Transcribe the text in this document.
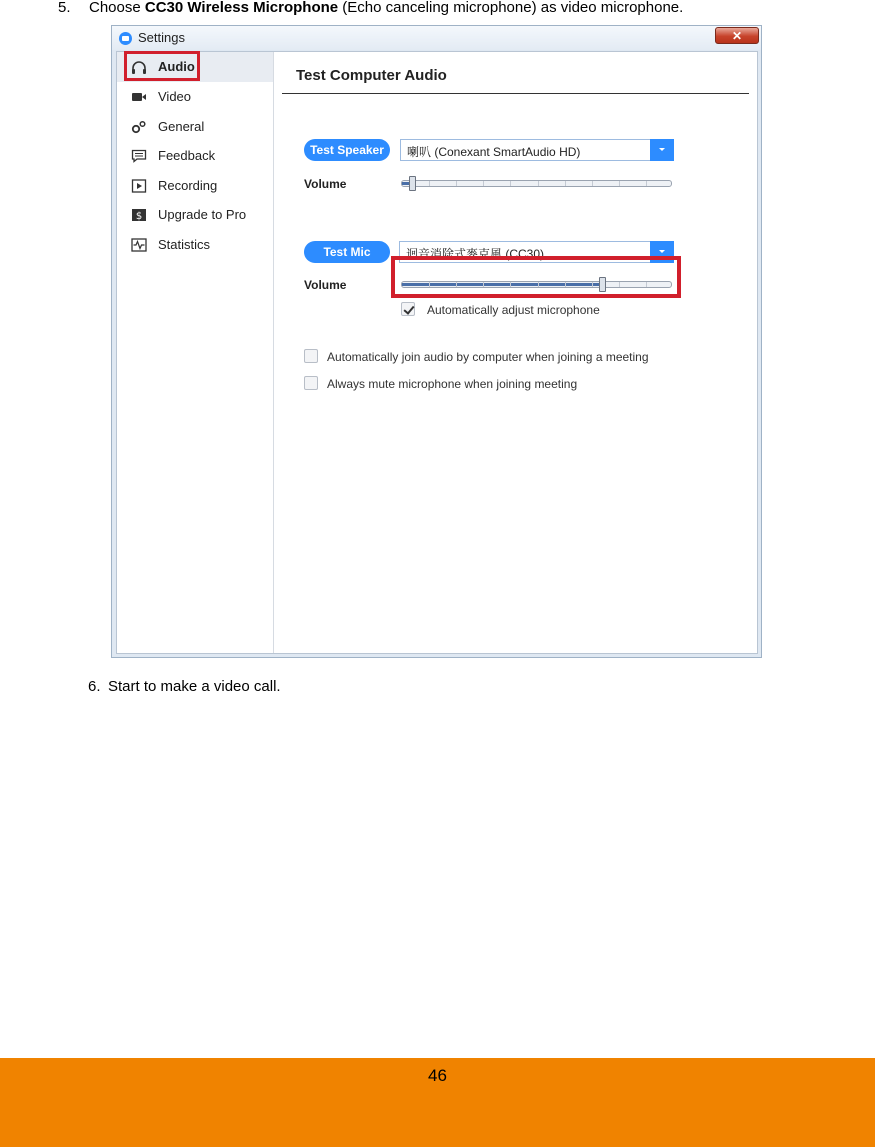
5. Choose CC30 Wireless Microphone (Echo canceling microphone) as video microphone.
Settings	✕
Audio
Video
General
Feedback
Recording
$ Upgrade to Pro
Statistics
Test Computer Audio
Test Speaker	喇叭 (Conexant SmartAudio HD)
Volume
Test Mic	迴音消除式麥克風 (CC30)
Volume
Automatically adjust microphone
Automatically join audio by computer when joining a meeting
Always mute microphone when joining meeting
6. Start to make a video call.
46
